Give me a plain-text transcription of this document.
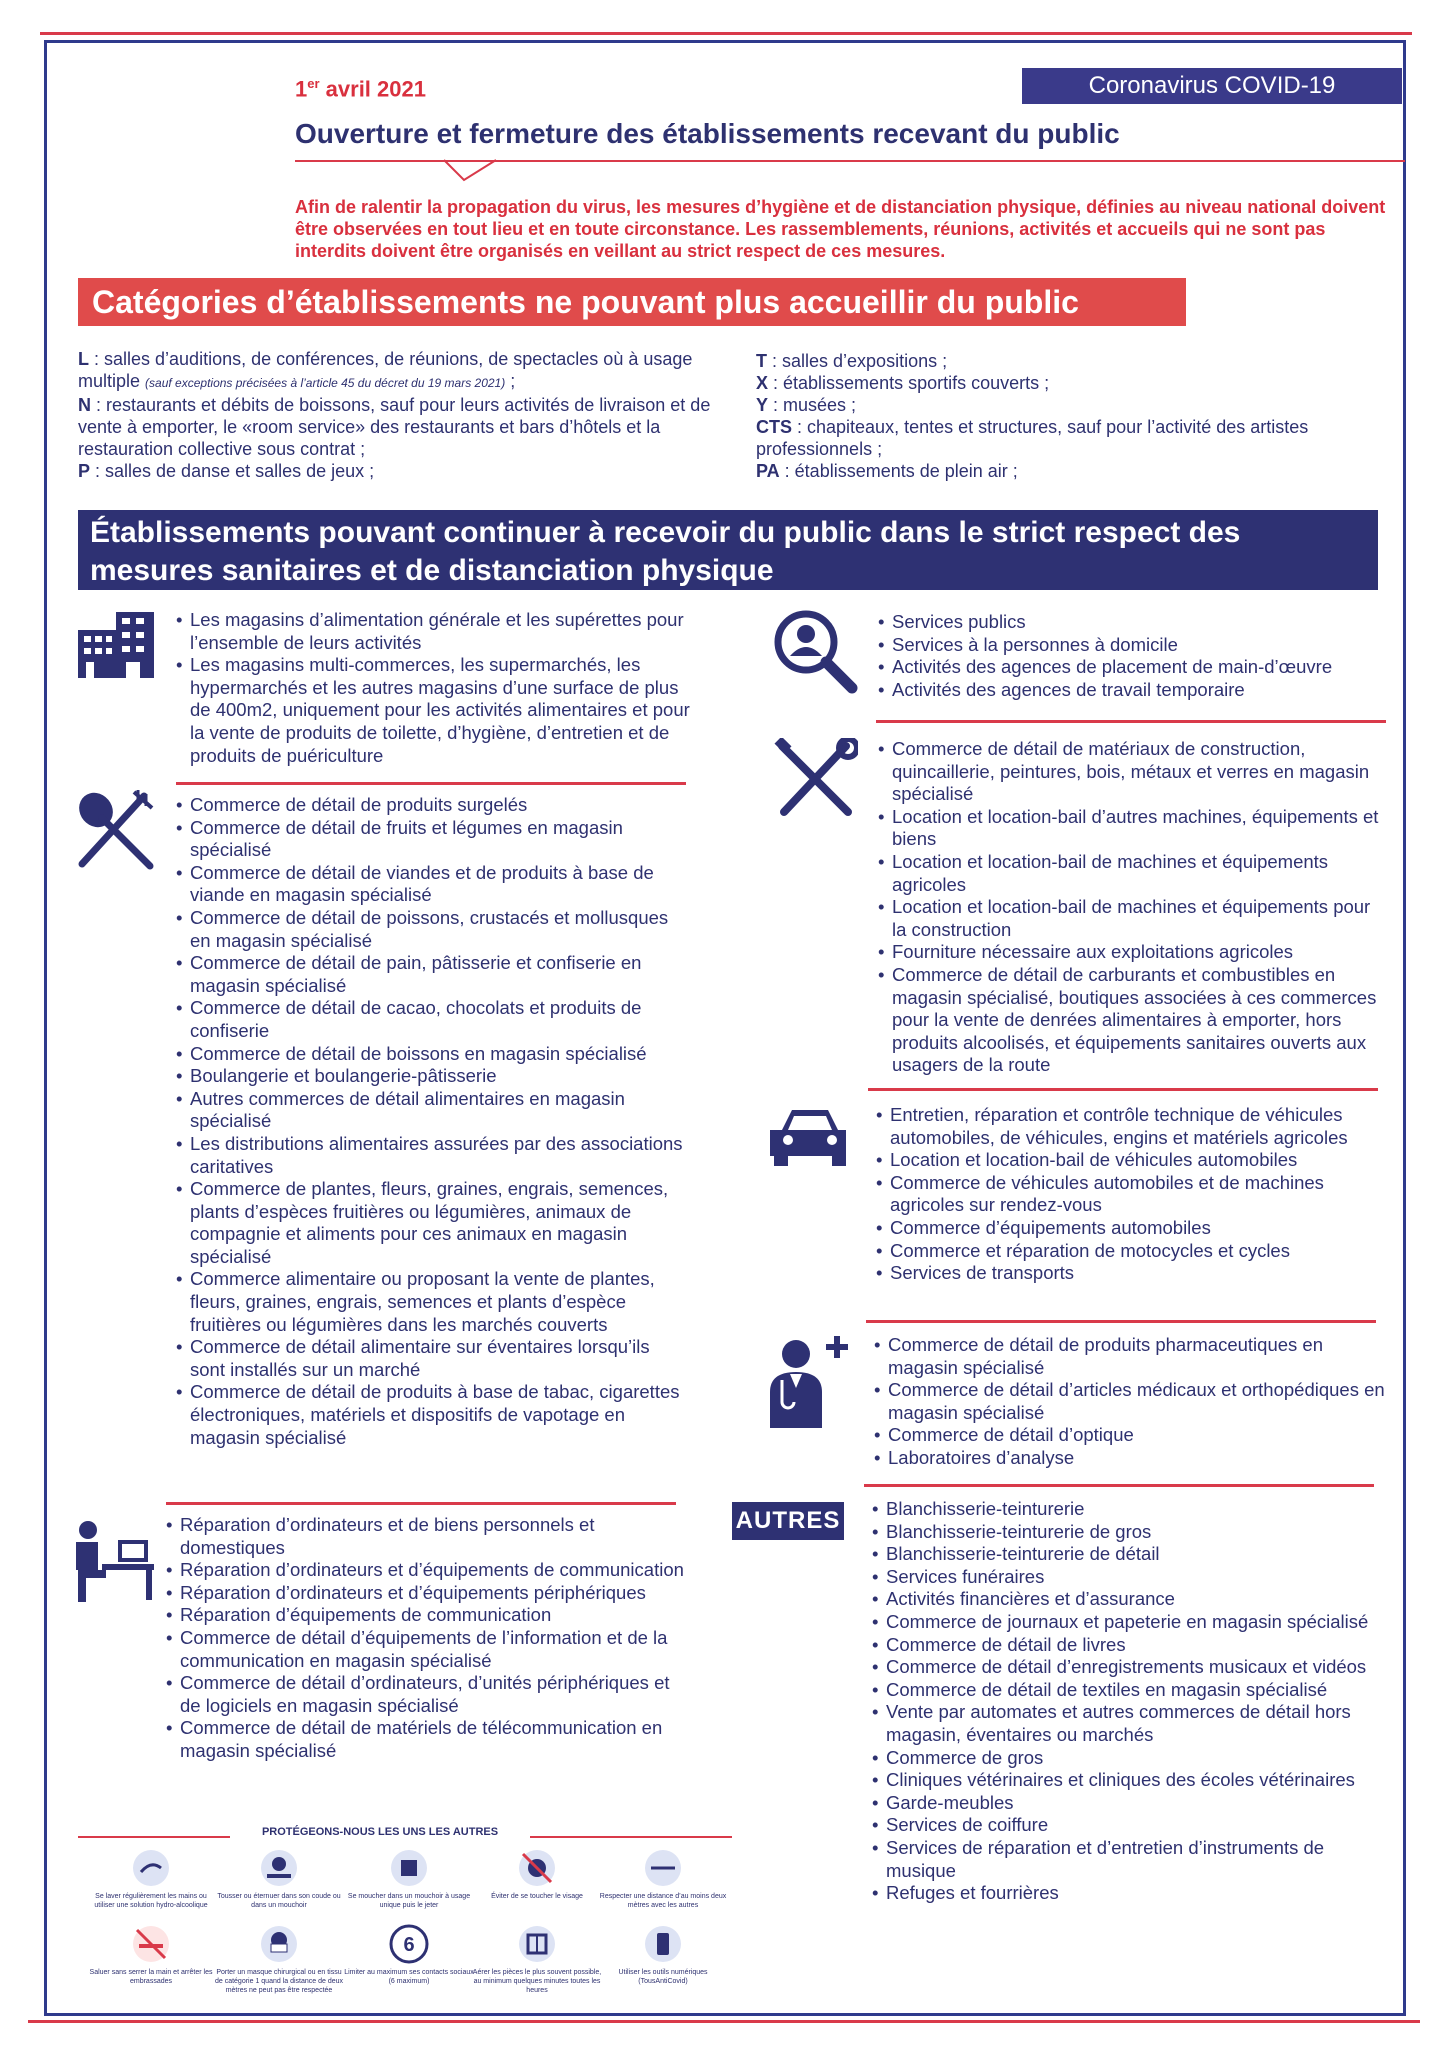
1er avril 2021	Coronavirus COVID-19
Ouverture et fermeture des établissements recevant du public
Afin de ralentir la propagation du virus, les mesures d’hygiène et de distanciation physique, définies au niveau national doivent être observées en tout lieu et en toute circonstance. Les rassemblements, réunions, activités et accueils qui ne sont pas interdits doivent être organisés en veillant au strict respect de ces mesures.
Catégories d’établissements ne pouvant plus accueillir du public
L : salles d’auditions, de conférences, de réunions, de spectacles où à usage multiple (sauf exceptions précisées à l’article 45 du décret du 19 mars 2021) ;
N : restaurants et débits de boissons, sauf pour leurs activités de livraison et de vente à emporter, le «room service» des restaurants et bars d’hôtels et la restauration collective sous contrat ;
P : salles de danse et salles de jeux ;
T : salles d’expositions ;
X : établissements sportifs couverts ;
Y : musées ;
CTS : chapiteaux, tentes et structures, sauf pour l’activité des artistes professionnels ;
PA : établissements de plein air ;
Établissements pouvant continuer à recevoir du public dans le strict respect des
mesures sanitaires et de distanciation physique
AUTRES
• Les magasins d’alimentation générale et les supérettes pour l’ensemble de leurs activités
• Les magasins multi-commerces, les supermarchés, les hypermarchés et les autres magasins d’une surface de plus de 400m2, uniquement pour les activités alimentaires et pour la vente de produits de toilette, d’hygiène, d’entretien et de produits de puériculture
• Commerce de détail de produits surgelés
• Commerce de détail de fruits et légumes en magasin spécialisé
• Commerce de détail de viandes et de produits à base de viande en magasin spécialisé
• Commerce de détail de poissons, crustacés et mollusques en magasin spécialisé
• Commerce de détail de pain, pâtisserie et confiserie en magasin spécialisé
• Commerce de détail de cacao, chocolats et produits de confiserie
• Commerce de détail de boissons en magasin spécialisé
• Boulangerie et boulangerie-pâtisserie
• Autres commerces de détail alimentaires en magasin spécialisé
• Les distributions alimentaires assurées par des associations caritatives
• Commerce de plantes, fleurs, graines, engrais, semences, plants d’espèces fruitières ou légumières, animaux de compagnie et aliments pour ces animaux en magasin spécialisé
• Commerce alimentaire ou proposant la vente de plantes, fleurs, graines, engrais, semences et plants d’espèce fruitières ou légumières dans les marchés couverts
• Commerce de détail alimentaire sur éventaires lorsqu’ils sont installés sur un marché
• Commerce de détail de produits à base de tabac, cigarettes électroniques, matériels et dispositifs de vapotage en magasin spécialisé
• Réparation d’ordinateurs et de biens personnels et domestiques
• Réparation d’ordinateurs et d’équipements de communication
• Réparation d’ordinateurs et d’équipements périphériques
• Réparation d’équipements de communication
• Commerce de détail d’équipements de l’information et de la communication en magasin spécialisé
• Commerce de détail d’ordinateurs, d’unités périphériques et de logiciels en magasin spécialisé
• Commerce de détail de matériels de télécommunication en magasin spécialisé
• Services publics
• Services à la personnes à domicile
• Activités des agences de placement de main-d’œuvre
• Activités des agences de travail temporaire
• Commerce de détail de matériaux de construction, quincaillerie, peintures, bois, métaux et verres en magasin spécialisé
• Location et location-bail d’autres machines, équipements et biens
• Location et location-bail de machines et équipements agricoles
• Location et location-bail de machines et équipements pour la construction
• Fourniture nécessaire aux exploitations agricoles
• Commerce de détail de carburants et combustibles en magasin spécialisé, boutiques associées à ces commerces pour la vente de denrées alimentaires à emporter, hors produits alcoolisés, et équipements sanitaires ouverts aux usagers de la route
• Entretien, réparation et contrôle technique de véhicules automobiles, de véhicules, engins et matériels agricoles
• Location et location-bail de véhicules automobiles
• Commerce de véhicules automobiles et de machines agricoles sur rendez-vous
• Commerce d’équipements automobiles
• Commerce et réparation de motocycles et cycles
• Services de transports
• Commerce de détail de produits pharmaceutiques en magasin spécialisé
• Commerce de détail d’articles médicaux et orthopédiques en magasin spécialisé
• Commerce de détail d’optique
• Laboratoires d’analyse
• Blanchisserie-teinturerie
• Blanchisserie-teinturerie de gros
• Blanchisserie-teinturerie de détail
• Services funéraires
• Activités financières et d’assurance
• Commerce de journaux et papeterie en magasin spécialisé
• Commerce de détail de livres
• Commerce de détail d’enregistrements musicaux et vidéos
• Commerce de détail de textiles en magasin spécialisé
• Vente par automates et autres commerces de détail hors magasin, éventaires ou marchés
• Commerce de gros
• Cliniques vétérinaires et cliniques des écoles vétérinaires
• Garde-meubles
• Services de coiffure
• Services de réparation et d’entretien d’instruments de musique
• Refuges et fourrières
PROTÉGEONS-NOUS LES UNS LES AUTRES
Se laver régulièrement les mains ou utiliser une solution hydro-alcoolique
Tousser ou éternuer dans son coude ou dans un mouchoir
Se moucher dans un mouchoir à usage unique puis le jeter
Éviter de se toucher le visage	Respecter une distance d’au moins deux mètres avec les autres
Saluer sans serrer la main et arrêter les embrassades
Porter un masque chirurgical ou en tissu de catégorie 1 quand la distance de deux mètres ne peut pas être respectée
6
Limiter au maximum ses contacts sociaux (6 maximum)
Aérer les pièces le plus souvent possible, au minimum quelques minutes toutes les heures
Utiliser les outils numériques (TousAntiCovid)
